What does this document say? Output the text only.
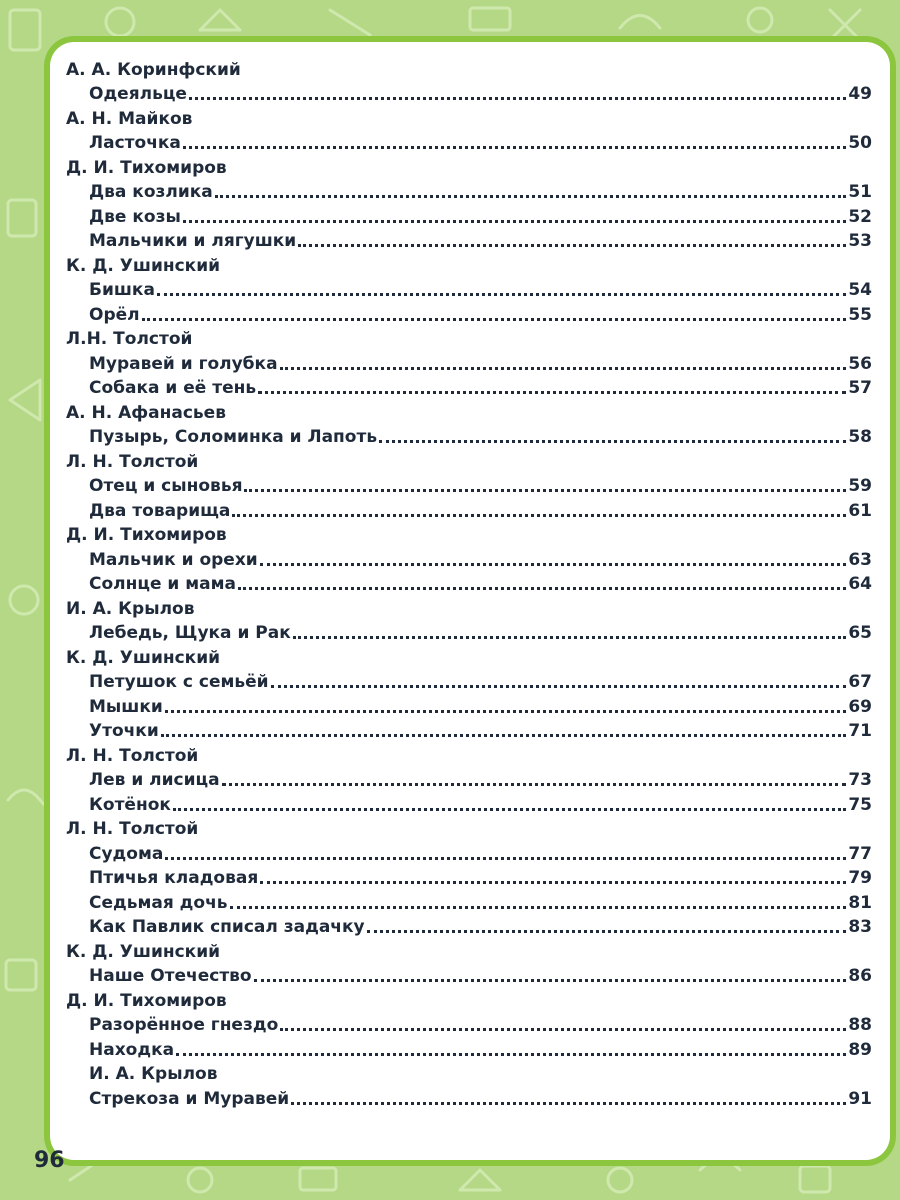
А. А. Коринфский
Одеяльце	49
А. Н. Майков
Ласточка	50
Д. И. Тихомиров
Два козлика	51
Две козы	52
Мальчики и лягушки	53
К. Д. Ушинский
Бишка	54
Орёл	55
Л.Н. Толстой
Муравей и голубка	56
Собака и её тень	57
А. Н. Афанасьев
Пузырь, Соломинка и Лапоть	58
Л. Н. Толстой
Отец и сыновья	59
Два товарища	61
Д. И. Тихомиров
Мальчик и орехи	63
Солнце и мама	64
И. А. Крылов
Лебедь, Щука и Рак	65
К. Д. Ушинский
Петушок с семьёй	67
Мышки	69
Уточки	71
Л. Н. Толстой
Лев и лисица	73
Котёнок	75
Л. Н. Толстой
Судома	77
Птичья кладовая	79
Седьмая дочь	81
Как Павлик списал задачку	83
К. Д. Ушинский
Наше Отечество	86
Д. И. Тихомиров
Разорённое гнездо	88
Находка	89
И. А. Крылов
Стрекоза и Муравей	91
96
